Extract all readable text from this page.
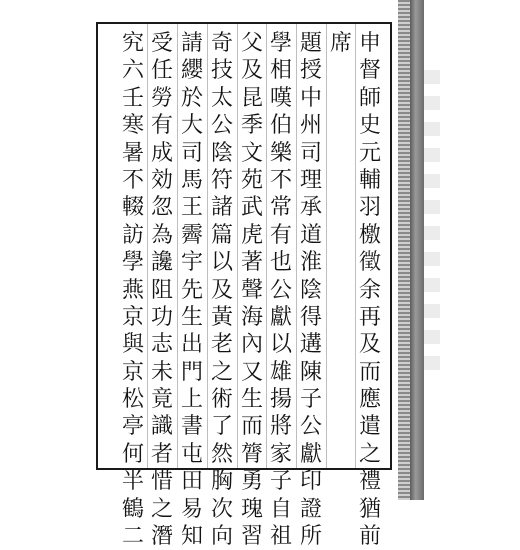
申
督
師
史
元
輔
羽
檄
徵
余
再
及
而
應
遣
之
禮
猶
前
席
題
授
中
州
司
理
承
道
淮
陰
得
遘
陳
子
公
獻
印
證
所
學
相
嘆
伯
樂
不
常
有
也
公
獻
以
雄
揚
將
家
子
自
祖
父
及
昆
季
文
苑
武
虎
著
聲
海
內
又
生
而
膂
勇
瑰
習
奇
技
太
公
陰
符
諸
篇
以
及
黃
老
之
術
了
然
胸
次
向
請
纓
於
大
司
馬
王
霽
宇
先
生
出
門
上
書
屯
田
易
知
受
任
勞
有
成
効
忽
為
讒
阻
功
志
未
竟
識
者
惜
之
潛
究
六
壬
寒
暑
不
輟
訪
學
燕
京
與
京
松
亭
何
半
鶴
二
